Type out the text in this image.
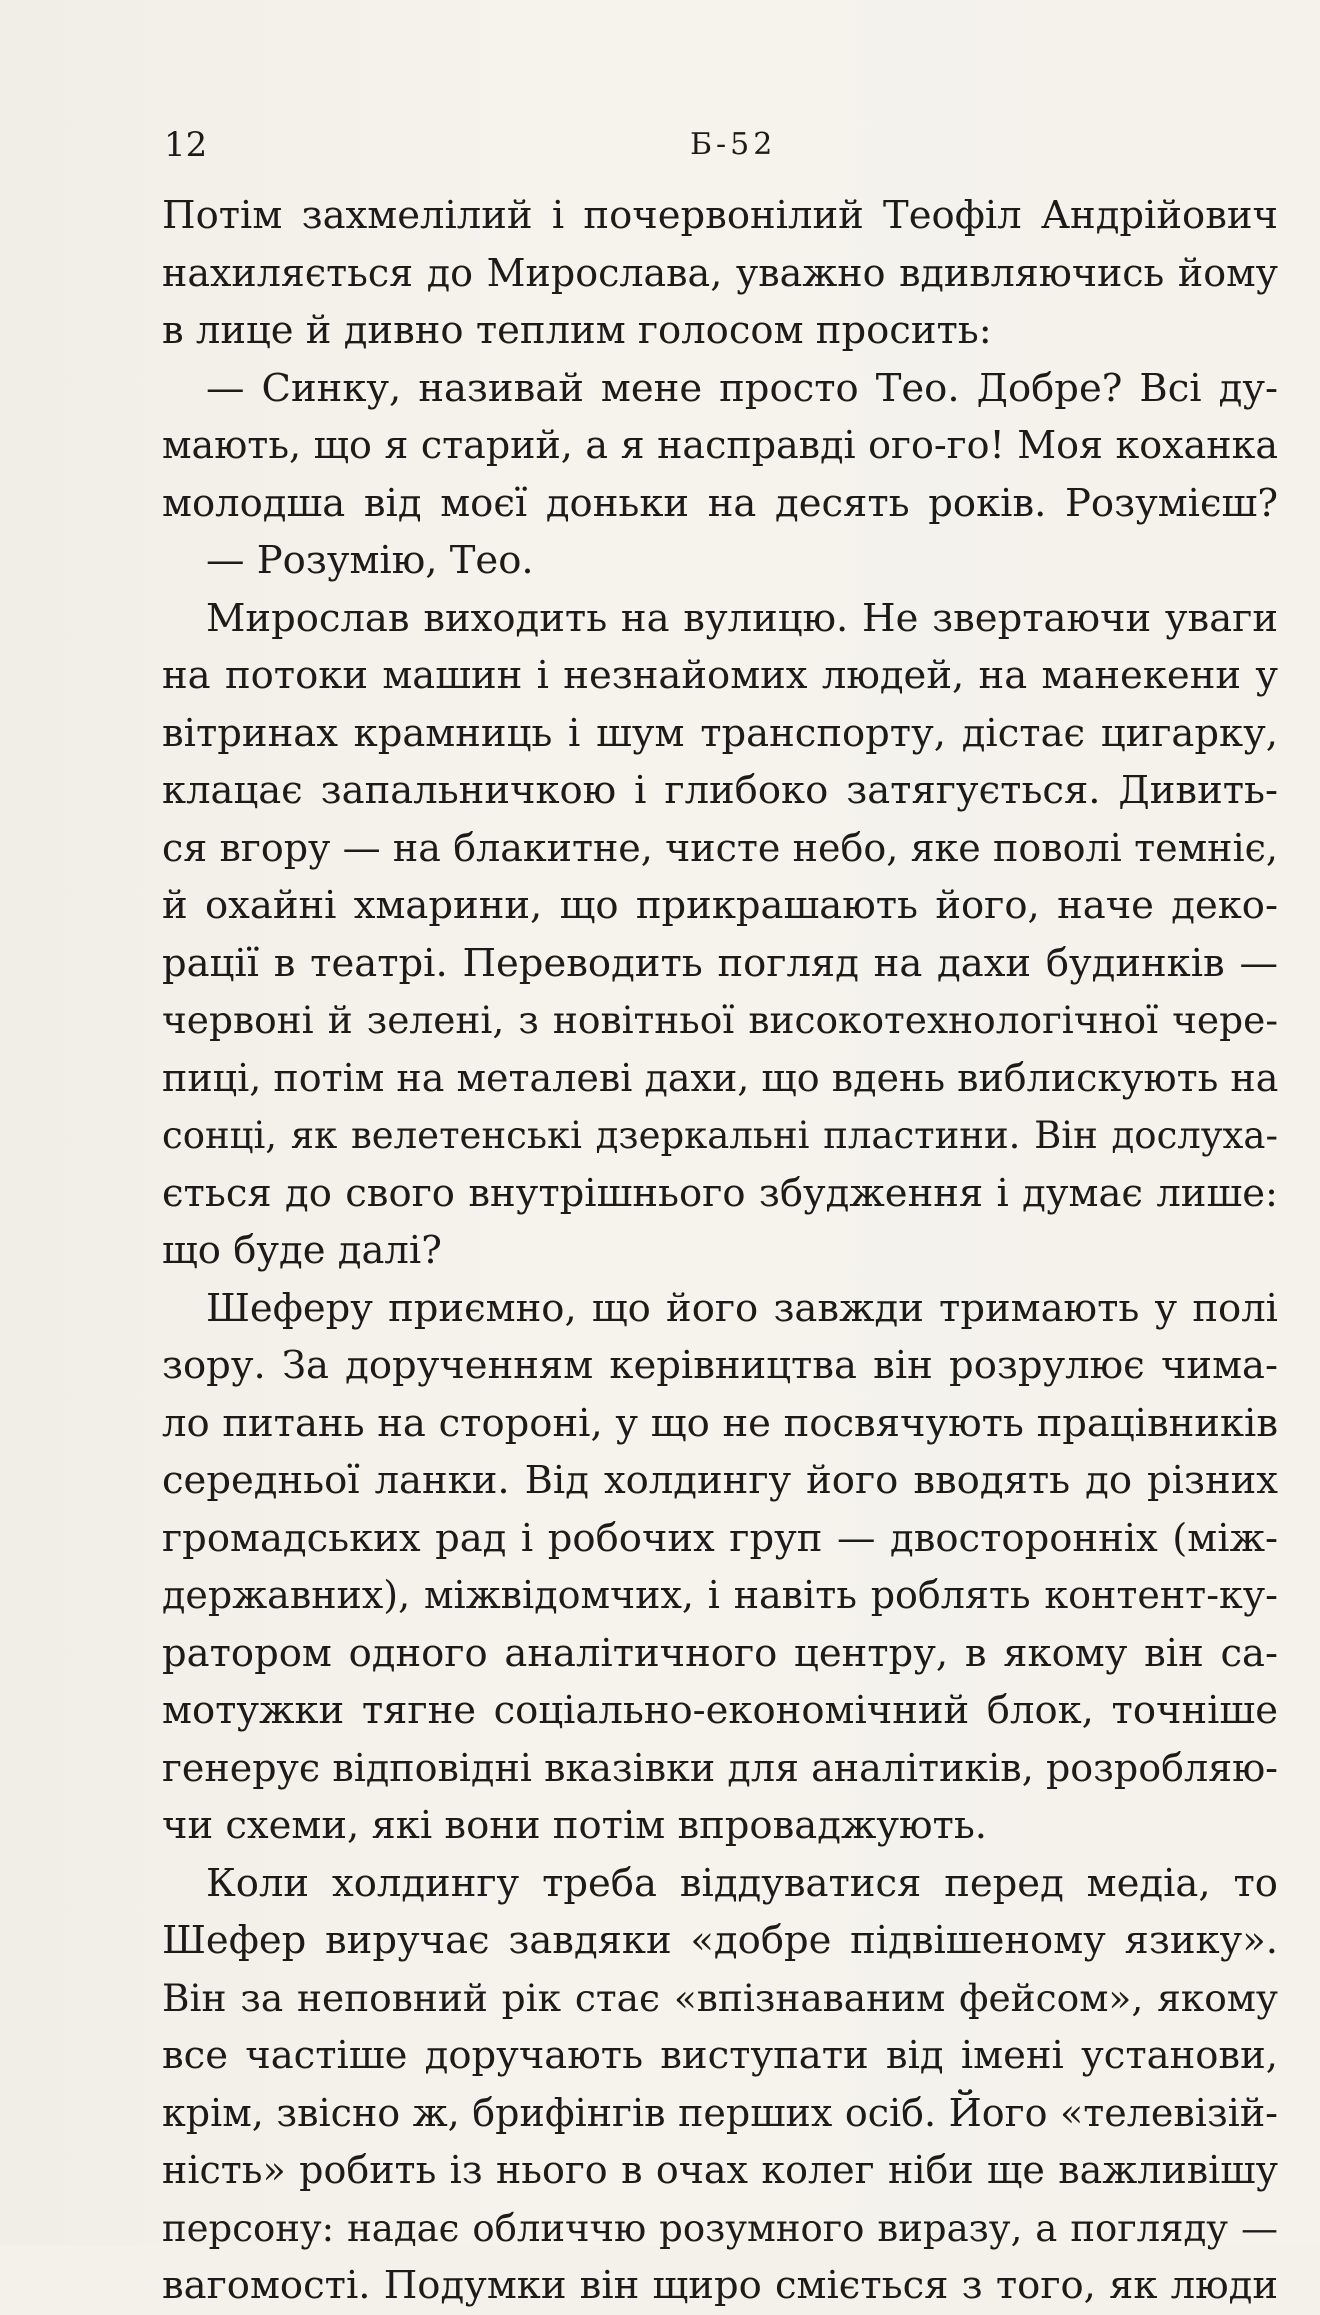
12	Б-52
Потім захмелілий і почервонілий Теофіл Андрійович
нахиляється до Мирослава, уважно вдивляючись йому
в лице й дивно теплим голосом просить:
— Синку, називай мене просто Тео. Добре? Всі ду-
мають, що я старий, а я насправді ого-го! Моя коханка
молодша від моєї доньки на десять років. Розумієш?
— Розумію, Тео.
Мирослав виходить на вулицю. Не звертаючи уваги
на потоки машин і незнайомих людей, на манекени у
вітринах крамниць і шум транспорту, дістає цигарку,
клацає запальничкою і глибоко затягується. Дивить-
ся вгору — на блакитне, чисте небо, яке поволі темніє,
й охайні хмарини, що прикрашають його, наче деко-
рації в театрі. Переводить погляд на дахи будинків —
червоні й зелені, з новітньої високотехнологічної чере-
пиці, потім на металеві дахи, що вдень виблискують на
сонці, як велетенські дзеркальні пластини. Він дослуха-
ється до свого внутрішнього збудження і думає лише:
що буде далі?
Шеферу приємно, що його завжди тримають у полі
зору. За дорученням керівництва він розрулює чима-
ло питань на стороні, у що не посвячують працівників
середньої ланки. Від холдингу його вводять до різних
громадських рад і робочих груп — двосторонніх (між-
державних), міжвідомчих, і навіть роблять контент-ку-
ратором одного аналітичного центру, в якому він са-
мотужки тягне соціально-економічний блок, точніше
генерує відповідні вказівки для аналітиків, розробляю-
чи схеми, які вони потім впроваджують.
Коли холдингу треба віддуватися перед медіа, то
Шефер виручає завдяки «добре підвішеному язику».
Він за неповний рік стає «впізнаваним фейсом», якому
все частіше доручають виступати від імені установи,
крім, звісно ж, брифінгів перших осіб. Його «телевізій-
ність» робить із нього в очах колег ніби ще важливішу
персону: надає обличчю розумного виразу, а погляду —
вагомості. Подумки він щиро сміється з того, як люди
